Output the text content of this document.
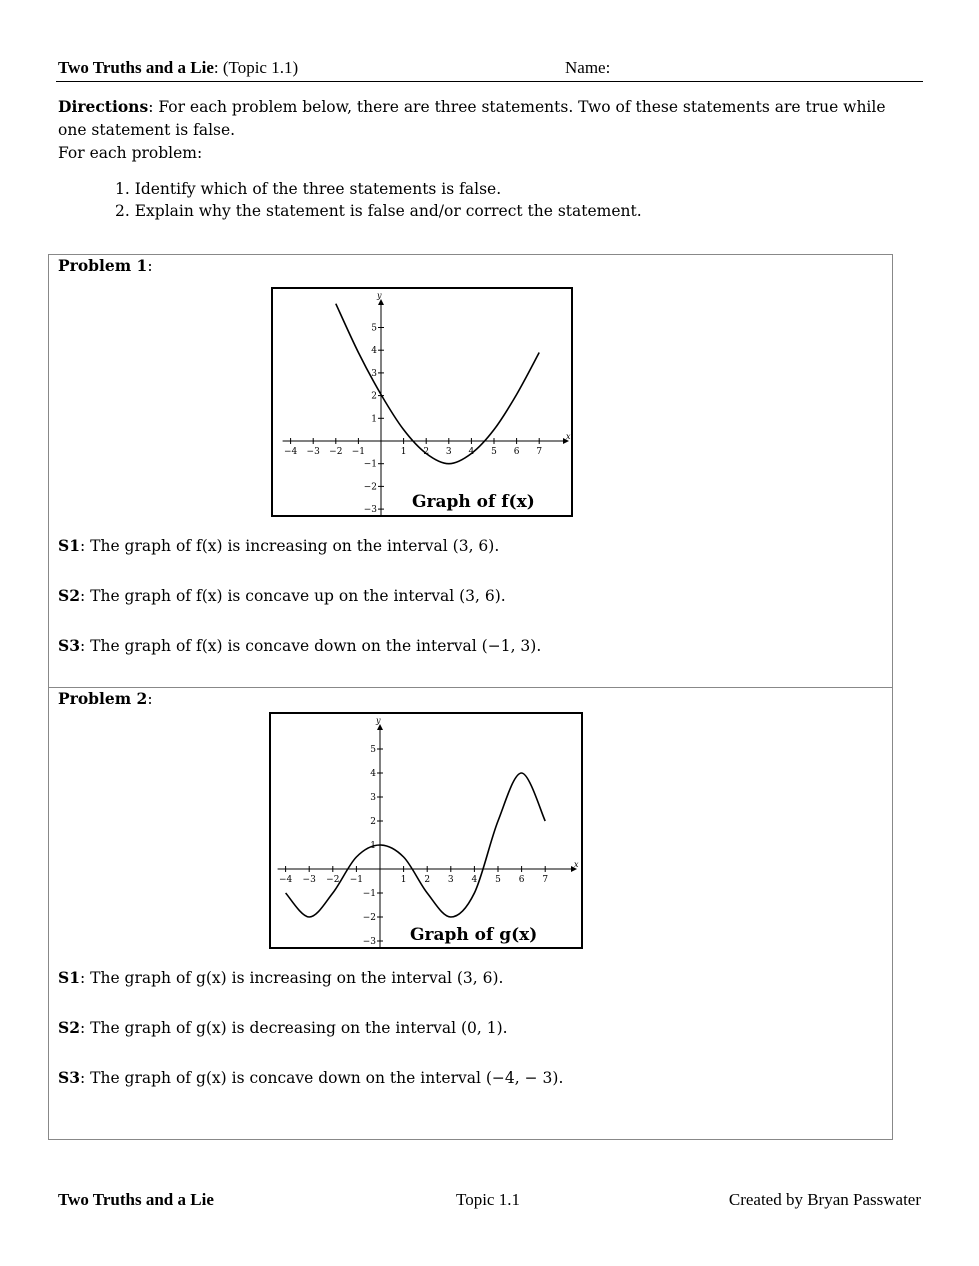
Two Truths and a Lie: (Topic 1.1)	Name:
Directions: For each problem below, there are three statements. Two of these statements are true while one statement is false.
For each problem:
1. Identify which of the three statements is false.
2. Explain why the statement is false and/or correct the statement.
Problem 1:
x
y
−4 −3 −2 −1	1 2 3 4 5 6 7
−3
−2
−1
1
2
3
4
5
Graph of f(x)
S1: The graph of f(x) is increasing on the interval (3, 6).
S2: The graph of f(x) is concave up on the interval (3, 6).
S3: The graph of f(x) is concave down on the interval (−1, 3).
Problem 2:
x
y
−4 −3 −2 −1	1 2 3 4 5 6 7
−3
−2
−1
1
2
3
4
5
Graph of g(x)
S1: The graph of g(x) is increasing on the interval (3, 6).
S2: The graph of g(x) is decreasing on the interval (0, 1).
S3: The graph of g(x) is concave down on the interval (−4, − 3).
Two Truths and a Lie	Topic 1.1	Created by Bryan Passwater
